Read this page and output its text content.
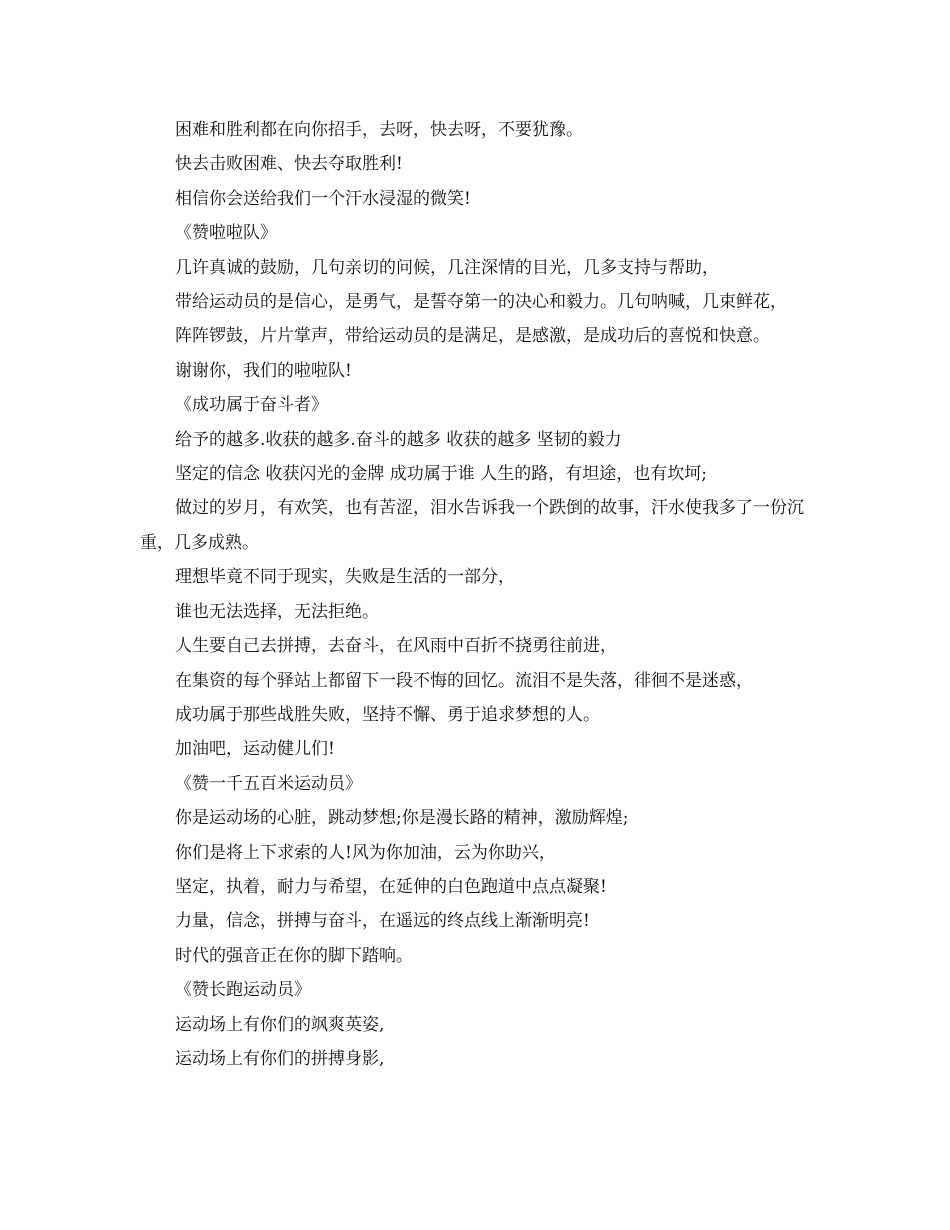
困难和胜利都在向你招手，去呀，快去呀，不要犹豫。

快去击败困难、快去夺取胜利!

相信你会送给我们一个汗水浸湿的微笑!

《赞啦啦队》

几许真诚的鼓励，几句亲切的问候，几注深情的目光，几多支持与帮助，

带给运动员的是信心，是勇气，是誓夺第一的决心和毅力。几句呐喊，几束鲜花，

阵阵锣鼓，片片掌声，带给运动员的是满足，是感激，是成功后的喜悦和快意。

谢谢你，我们的啦啦队!

《成功属于奋斗者》

给予的越多.收获的越多.奋斗的越多 收获的越多 坚韧的毅力

坚定的信念 收获闪光的金牌 成功属于谁 人生的路，有坦途，也有坎坷;

做过的岁月，有欢笑，也有苦涩，泪水告诉我一个跌倒的故事，汗水使我多了一份沉重，几多成熟。

理想毕竟不同于现实，失败是生活的一部分，

谁也无法选择，无法拒绝。

人生要自己去拼搏，去奋斗，在风雨中百折不挠勇往前进，

在集资的每个驿站上都留下一段不悔的回忆。流泪不是失落，徘徊不是迷惑，

成功属于那些战胜失败，坚持不懈、勇于追求梦想的人。

加油吧，运动健儿们!

《赞一千五百米运动员》

你是运动场的心脏，跳动梦想;你是漫长路的精神，激励辉煌;

你们是将上下求索的人!风为你加油，云为你助兴，

坚定，执着，耐力与希望，在延伸的白色跑道中点点凝聚!

力量，信念，拼搏与奋斗，在遥远的终点线上渐渐明亮!

时代的强音正在你的脚下踏响。

《赞长跑运动员》

运动场上有你们的飒爽英姿,

运动场上有你们的拼搏身影,
